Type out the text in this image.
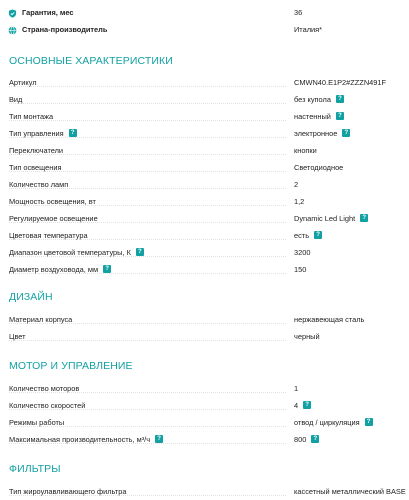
Гарантия, мес	36
Страна-производитель	Италия*
ОСНОВНЫЕ ХАРАКТЕРИСТИКИ
Артикул	CMWN40.E1P2#ZZZN491F
Вид	без купола ?
Тип монтажа	настенный ?
Тип управления ?	электронное ?
Переключатели	кнопки
Тип освещения	Светодиодное
Количество ламп	2
Мощность освещения, вт	1,2
Регулируемое освещение	Dynamic Led Light ?
Цветовая температура	есть ?
Диапазон цветовой температуры, К ?	3200
Диаметр воздуховода, мм ?	150
ДИЗАЙН
Материал корпуса	нержавеющая сталь
Цвет	черный
МОТОР И УПРАВЛЕНИЕ
Количество моторов	1
Количество скоростей	4 ?
Режимы работы	отвод / циркуляция ?
Максимальная производительность, м³/ч ?	800 ?
ФИЛЬТРЫ
Тип жироулавливающего фильтра	кассетный металлический BASE
